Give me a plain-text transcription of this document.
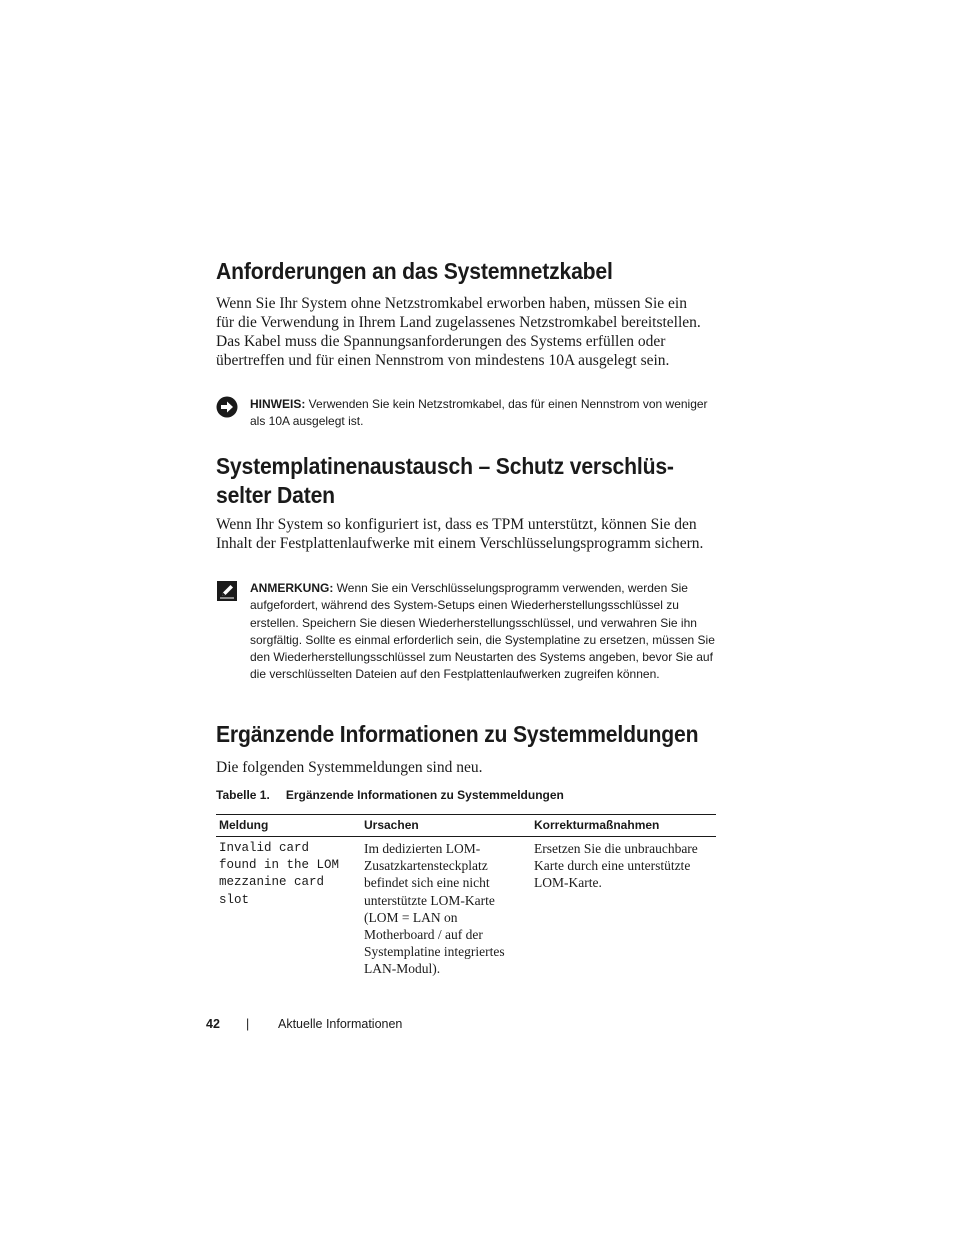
Anforderungen an das Systemnetzkabel

Wenn Sie Ihr System ohne Netzstromkabel erworben haben, müssen Sie ein für die Verwendung in Ihrem Land zugelassenes Netzstromkabel bereitstellen. Das Kabel muss die Spannungsanforderungen des Systems erfüllen oder übertreffen und für einen Nennstrom von mindestens 10A ausgelegt sein.

HINWEIS: Verwenden Sie kein Netzstromkabel, das für einen Nennstrom von weniger als 10A ausgelegt ist.
Systemplatinenaustausch – Schutz verschlüs-
selter Daten

Wenn Ihr System so konfiguriert ist, dass es TPM unterstützt, können Sie den Inhalt der Festplattenlaufwerke mit einem Verschlüsselungsprogramm sichern.

ANMERKUNG: Wenn Sie ein Verschlüsselungsprogramm verwenden, werden Sie aufgefordert, während des System-Setups einen Wiederherstellungsschlüssel zu erstellen. Speichern Sie diesen Wiederherstellungsschlüssel, und verwahren Sie ihn sorgfältig. Sollte es einmal erforderlich sein, die Systemplatine zu ersetzen, müssen Sie den Wiederherstellungsschlüssel zum Neustarten des Systems angeben, bevor Sie auf die verschlüsselten Dateien auf den Festplattenlaufwerken zugreifen können.
Ergänzende Informationen zu Systemmeldungen

Die folgenden Systemmeldungen sind neu.

Tabelle 1. Ergänzende Informationen zu Systemmeldungen
Meldung	Ursachen	Korrekturmaßnahmen
Invalid card
found in the LOM
mezzanine card
slot	Im dedizierten LOM-Zusatzkartensteckplatz befindet sich eine nicht unterstützte LOM-Karte (LOM = LAN on Motherboard / auf der Systemplatine integriertes LAN-Modul).	Ersetzen Sie die unbrauchbare Karte durch eine unterstützte LOM-Karte.
42 | Aktuelle Informationen
